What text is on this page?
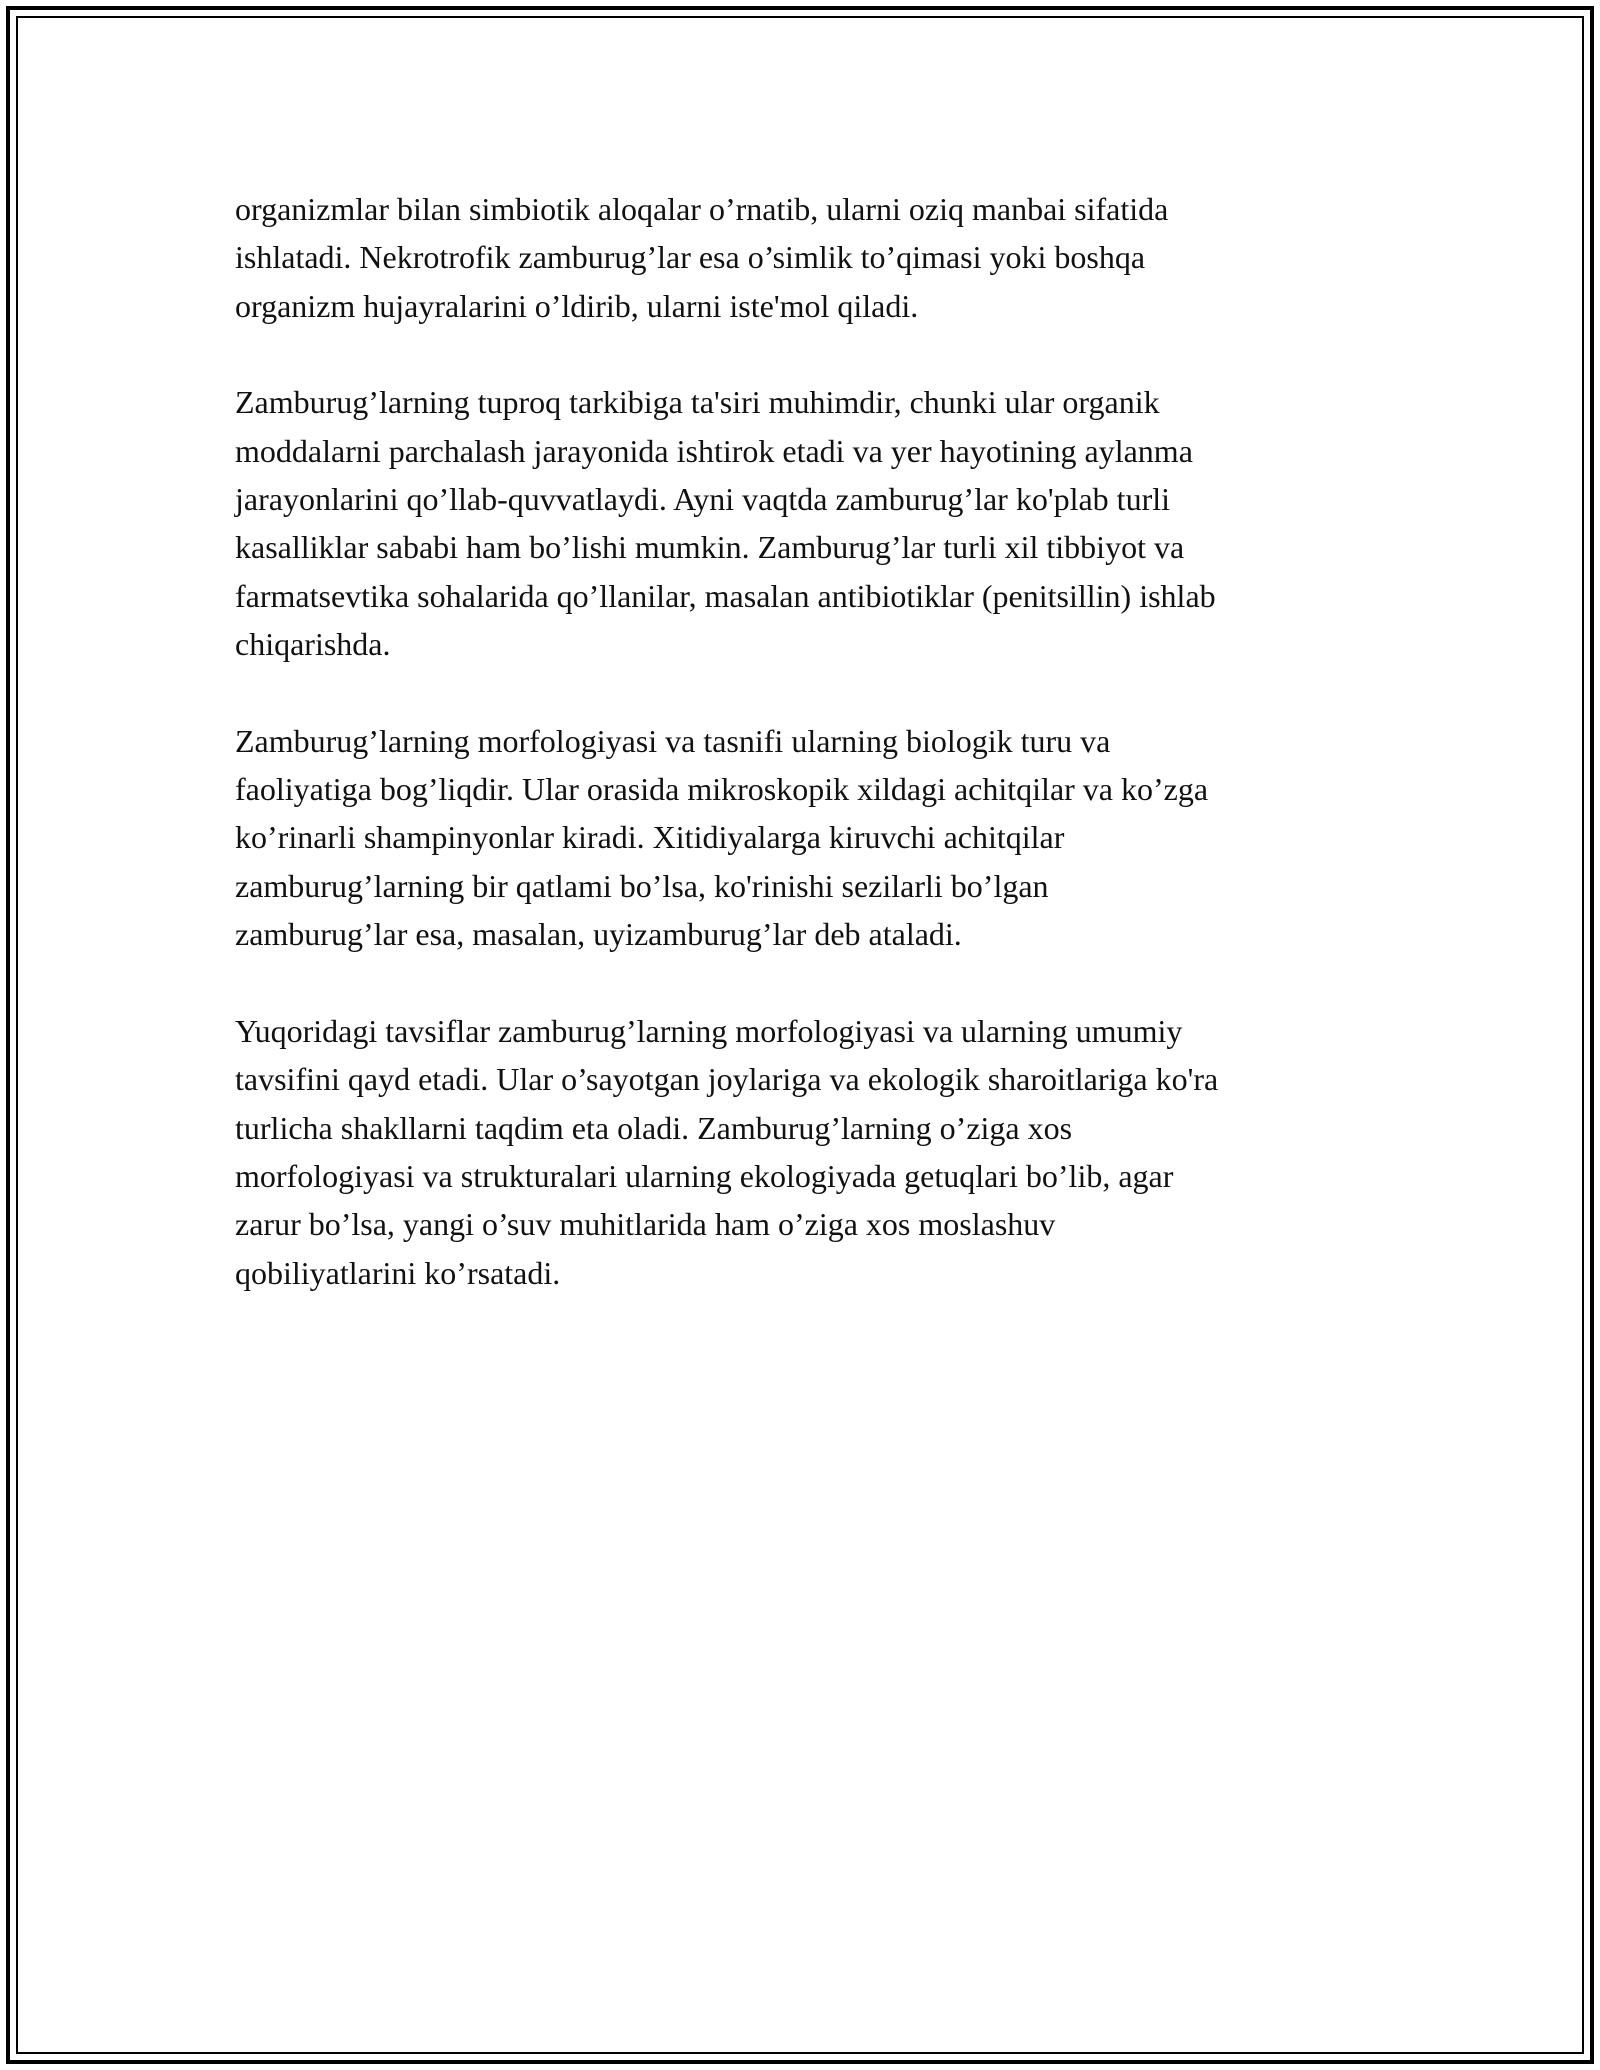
organizmlar bilan simbiotik aloqalar o’rnatib, ularni oziq manbai sifatida
ishlatadi. Nekrotrofik zamburug’lar esa o’simlik to’qimasi yoki boshqa
organizm hujayralarini o’ldirib, ularni iste'mol qiladi.

Zamburug’larning tuproq tarkibiga ta'siri muhimdir, chunki ular organik
moddalarni parchalash jarayonida ishtirok etadi va yer hayotining aylanma
jarayonlarini qo’llab-quvvatlaydi. Ayni vaqtda zamburug’lar ko'plab turli
kasalliklar sababi ham bo’lishi mumkin. Zamburug’lar turli xil tibbiyot va
farmatsevtika sohalarida qo’llanilar, masalan antibiotiklar (penitsillin) ishlab
chiqarishda.

Zamburug’larning morfologiyasi va tasnifi ularning biologik turu va
faoliyatiga bog’liqdir. Ular orasida mikroskopik xildagi achitqilar va ko’zga
ko’rinarli shampinyonlar kiradi. Xitidiyalarga kiruvchi achitqilar
zamburug’larning bir qatlami bo’lsa, ko'rinishi sezilarli bo’lgan
zamburug’lar esa, masalan, uyizamburug’lar deb ataladi.

Yuqoridagi tavsiflar zamburug’larning morfologiyasi va ularning umumiy
tavsifini qayd etadi. Ular o’sayotgan joylariga va ekologik sharoitlariga ko'ra
turlicha shakllarni taqdim eta oladi. Zamburug’larning o’ziga xos
morfologiyasi va strukturalari ularning ekologiyada getuqlari bo’lib, agar
zarur bo’lsa, yangi o’suv muhitlarida ham o’ziga xos moslashuv
qobiliyatlarini ko’rsatadi.
